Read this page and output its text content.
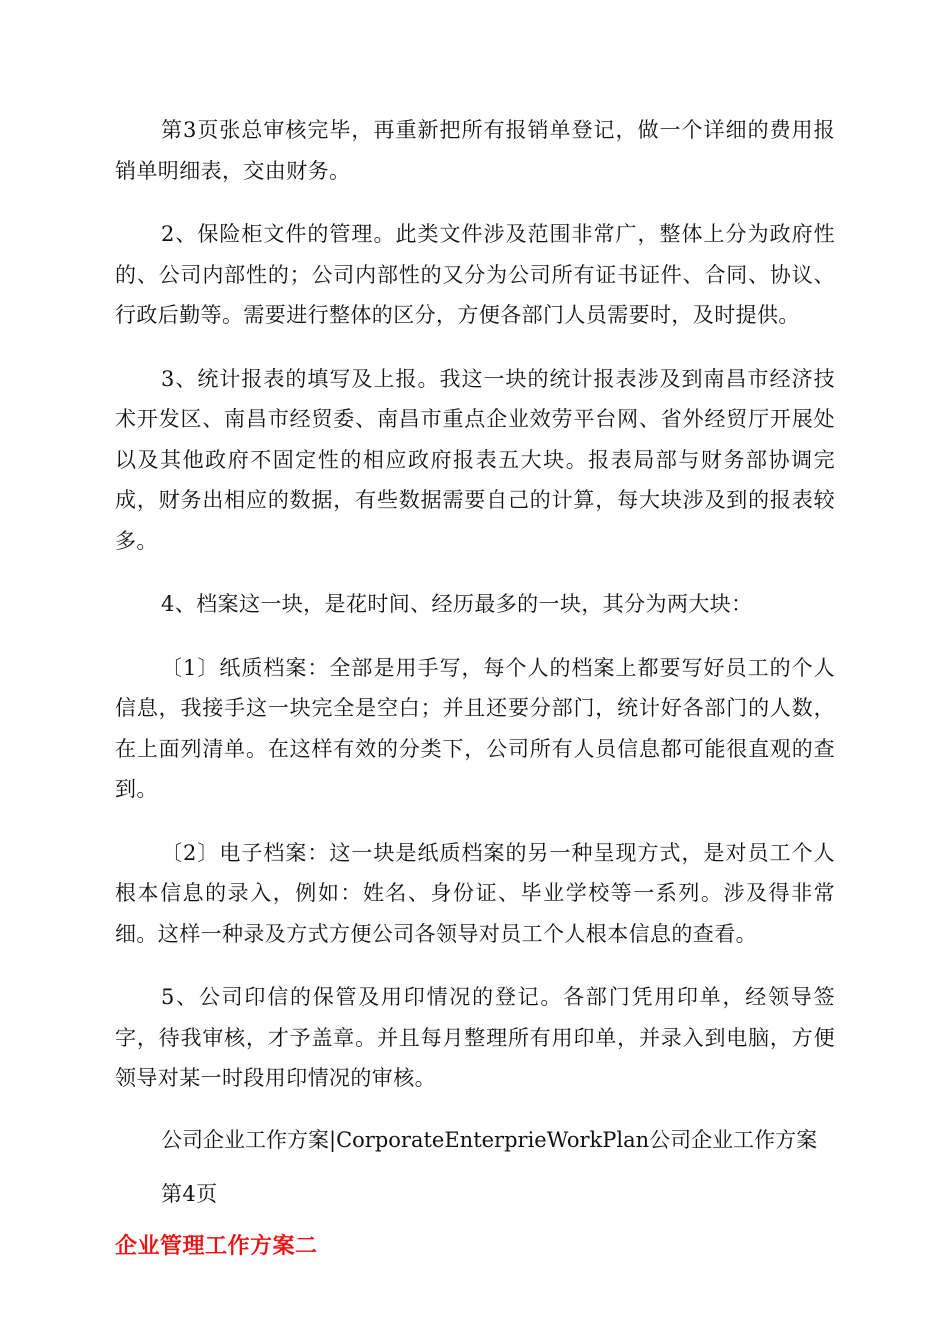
第3页张总审核完毕，再重新把所有报销单登记，做一个详细的费用报销单明细表，交由财务。

2、保险柜文件的管理。此类文件涉及范围非常广，整体上分为政府性的、公司内部性的；公司内部性的又分为公司所有证书证件、合同、协议、行政后勤等。需要进行整体的区分，方便各部门人员需要时，及时提供。

3、统计报表的填写及上报。我这一块的统计报表涉及到南昌市经济技术开发区、南昌市经贸委、南昌市重点企业效劳平台网、省外经贸厅开展处以及其他政府不固定性的相应政府报表五大块。报表局部与财务部协调完成，财务出相应的数据，有些数据需要自己的计算，每大块涉及到的报表较多。

4、档案这一块，是花时间、经历最多的一块，其分为两大块：

〔1〕纸质档案：全部是用手写，每个人的档案上都要写好员工的个人信息，我接手这一块完全是空白；并且还要分部门，统计好各部门的人数，在上面列清单。在这样有效的分类下，公司所有人员信息都可能很直观的查到。

〔2〕电子档案：这一块是纸质档案的另一种呈现方式，是对员工个人根本信息的录入，例如：姓名、身份证、毕业学校等一系列。涉及得非常细。这样一种录及方式方便公司各领导对员工个人根本信息的查看。

5、公司印信的保管及用印情况的登记。各部门凭用印单，经领导签字，待我审核，才予盖章。并且每月整理所有用印单，并录入到电脑，方便领导对某一时段用印情况的审核。

公司企业工作方案|CorporateEnterprieWorkPlan公司企业工作方案

第4页

企业管理工作方案二
